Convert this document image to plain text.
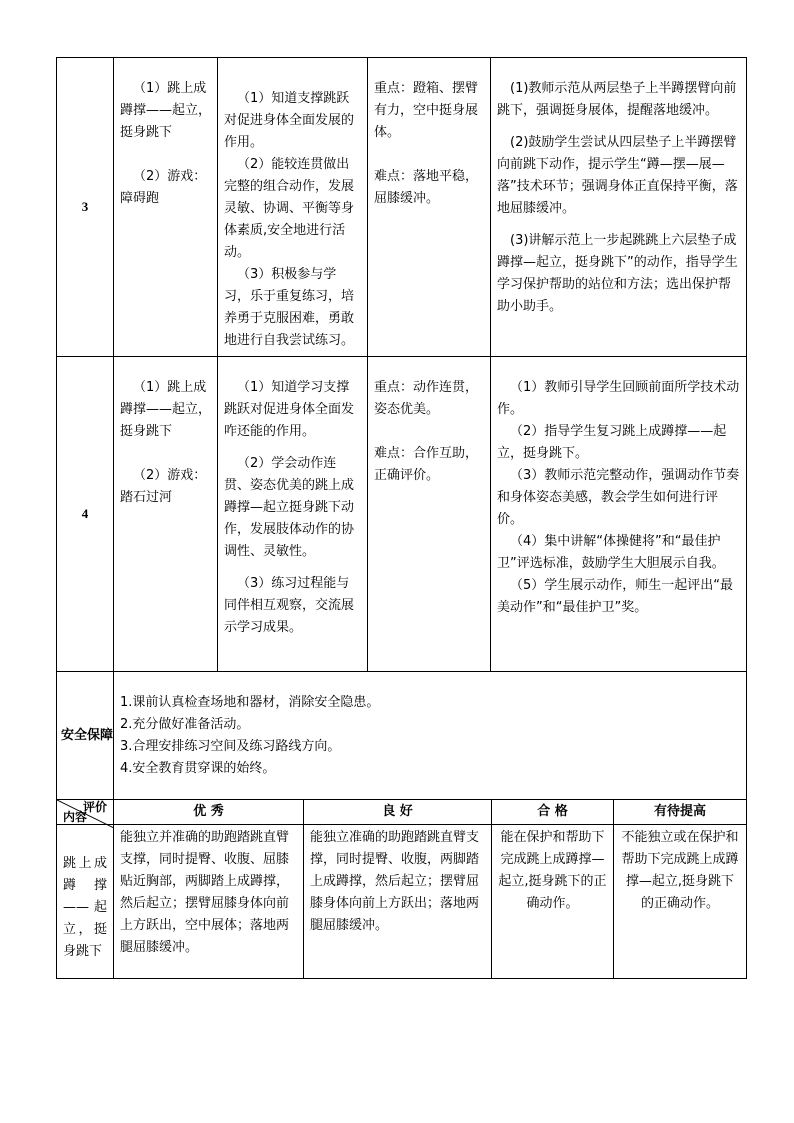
3	（1）跳上成蹲撑——起立，挺身跳下
（2）游戏：障碍跑	（1）知道支撑跳跃对促进身体全面发展的作用。
（2）能较连贯做出完整的组合动作，发展灵敏、协调、平衡等身体素质,安全地进行活动。
（3）积极参与学习，乐于重复练习，培养勇于克服困难，勇敢地进行自我尝试练习。	重点：蹬箱、摆臂有力，空中挺身展体。
难点：落地平稳，屈膝缓冲。	(1)教师示范从两层垫子上半蹲摆臂向前跳下，强调挺身展体，提醒落地缓冲。
(2)鼓励学生尝试从四层垫子上半蹲摆臂向前跳下动作，提示学生“蹲—摆—展—落”技术环节；强调身体正直保持平衡，落地屈膝缓冲。
(3)讲解示范上一步起跳跳上六层垫子成蹲撑—起立，挺身跳下”的动作，指导学生学习保护帮助的站位和方法；选出保护帮助小助手。

4	（1）跳上成蹲撑——起立，挺身跳下
（2）游戏：踏石过河	（1）知道学习支撑跳跃对促进身体全面发咋还能的作用。
（2）学会动作连贯、姿态优美的跳上成蹲撑—起立挺身跳下动作，发展肢体动作的协调性、灵敏性。
（3）练习过程能与同伴相互观察，交流展示学习成果。	重点：动作连贯，姿态优美。
难点：合作互助，正确评价。	（1）教师引导学生回顾前面所学技术动作。
（2）指导学生复习跳上成蹲撑——起立，挺身跳下。
（3）教师示范完整动作，强调动作节奏和身体姿态美感，教会学生如何进行评价。
（4）集中讲解“体操健将”和“最佳护卫”评选标准，鼓励学生大胆展示自我。
（5）学生展示动作，师生一起评出“最美动作”和“最佳护卫”奖。

安全保障	1.课前认真检查场地和器材，消除安全隐患。
2.充分做好准备活动。
3.合理安排练习空间及练习路线方向。
4.安全教育贯穿课的始终。			
评价
内容	优 秀	良 好	合 格	有待提高

跳上成蹲 撑——起立，挺身跳下	能独立并准确的助跑踏跳直臂支撑，同时提臀、收腹、屈膝贴近胸部，两脚踏上成蹲撑，然后起立；摆臂屈膝身体向前上方跃出，空中展体；落地两腿屈膝缓冲。	能独立准确的助跑踏跳直臂支撑，同时提臀、收腹，两脚踏上成蹲撑，然后起立；摆臂屈膝身体向前上方跃出；落地两腿屈膝缓冲。	能在保护和帮助下完成跳上成蹲撑—起立,挺身跳下的正确动作。	不能独立或在保护和帮助下完成跳上成蹲撑—起立,挺身跳下的正确动作。
